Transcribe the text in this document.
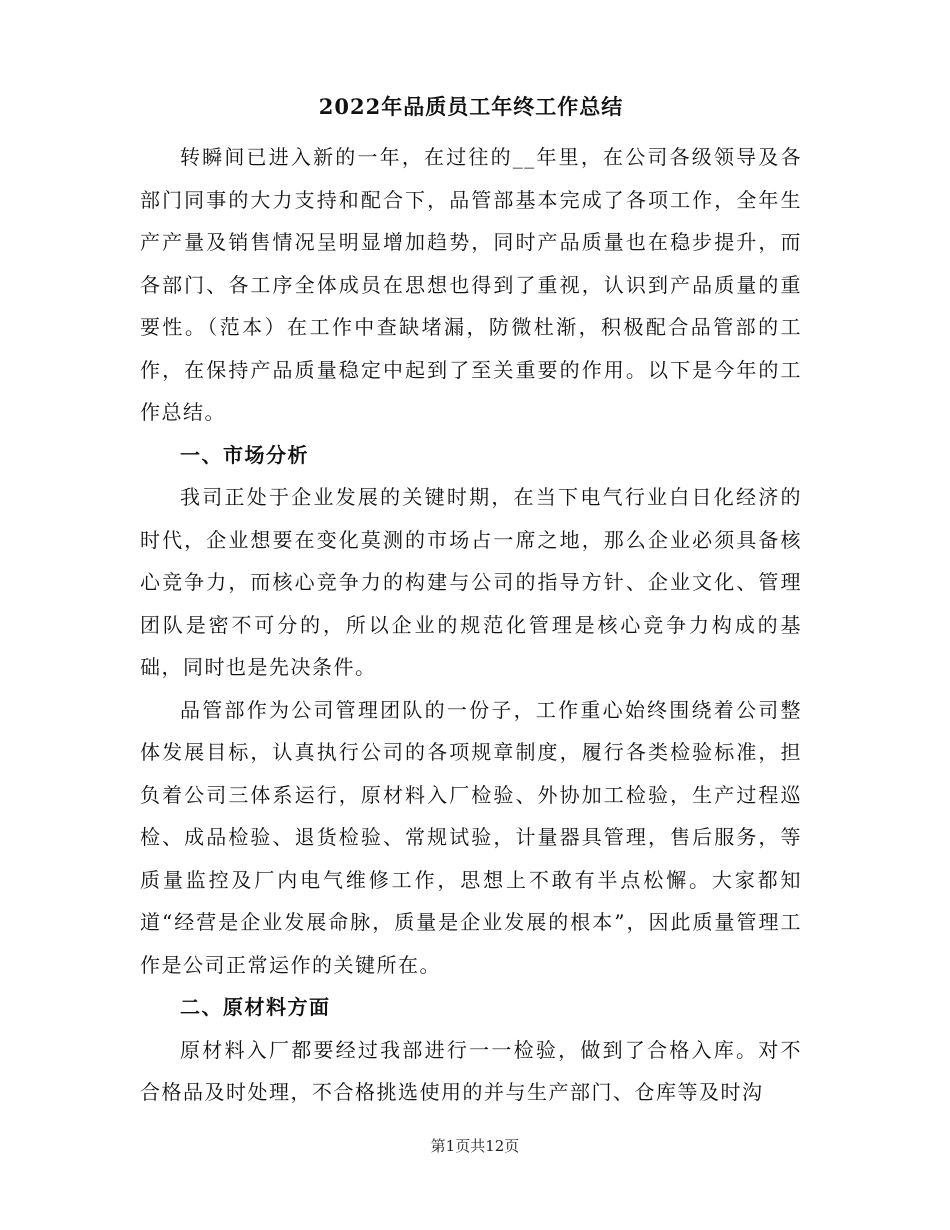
2022年品质员工年终工作总结

转瞬间已进入新的一年，在过往的__年里，在公司各级领导及各部门同事的大力支持和配合下，品管部基本完成了各项工作，全年生产产量及销售情况呈明显增加趋势，同时产品质量也在稳步提升，而各部门、各工序全体成员在思想也得到了重视，认识到产品质量的重要性。（范本）在工作中查缺堵漏，防微杜渐，积极配合品管部的工作，在保持产品质量稳定中起到了至关重要的作用。以下是今年的工作总结。

一、市场分析

我司正处于企业发展的关键时期，在当下电气行业白日化经济的时代，企业想要在变化莫测的市场占一席之地，那么企业必须具备核心竞争力，而核心竞争力的构建与公司的指导方针、企业文化、管理团队是密不可分的，所以企业的规范化管理是核心竞争力构成的基础，同时也是先决条件。

品管部作为公司管理团队的一份子，工作重心始终围绕着公司整体发展目标，认真执行公司的各项规章制度，履行各类检验标准，担负着公司三体系运行，原材料入厂检验、外协加工检验，生产过程巡检、成品检验、退货检验、常规试验，计量器具管理，售后服务，等质量监控及厂内电气维修工作，思想上不敢有半点松懈。大家都知道“经营是企业发展命脉，质量是企业发展的根本”，因此质量管理工作是公司正常运作的关键所在。

二、原材料方面

原材料入厂都要经过我部进行一一检验，做到了合格入库。对不合格品及时处理，不合格挑选使用的并与生产部门、仓库等及时沟

第1页共12页
